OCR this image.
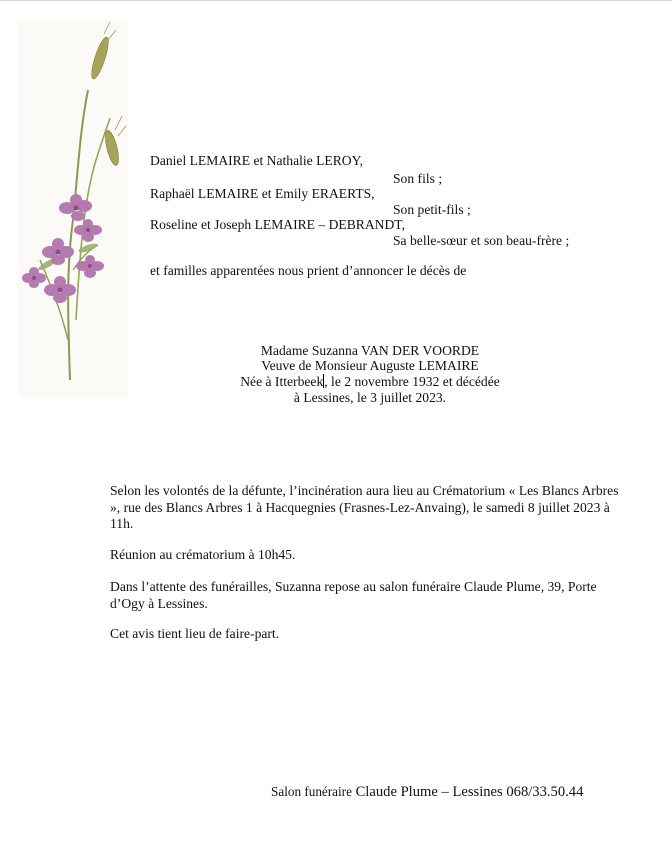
Daniel LEMAIRE et Nathalie LEROY,
Son fils ;
Raphaël LEMAIRE et Emily ERAERTS,
Son petit-fils ;
Roseline et Joseph LEMAIRE – DEBRANDT,
Sa belle-sœur et son beau-frère ;
et familles apparentées nous prient d’annoncer le décès de
Madame Suzanna VAN DER VOORDE
Veuve de Monsieur Auguste LEMAIRE
Née à Itterbeek, le 2 novembre 1932 et décédée
à Lessines, le 3 juillet 2023.
Selon les volontés de la défunte, l’incinération aura lieu au Crématorium « Les Blancs Arbres », rue des Blancs Arbres 1 à Hacquegnies (Frasnes-Lez-Anvaing), le samedi 8 juillet 2023 à 11h.
Réunion au crématorium à 10h45.
Dans l’attente des funérailles, Suzanna repose au salon funéraire Claude Plume, 39, Porte d’Ogy à Lessines.
Cet avis tient lieu de faire-part.
Salon funéraire Claude Plume – Lessines 068/33.50.44
